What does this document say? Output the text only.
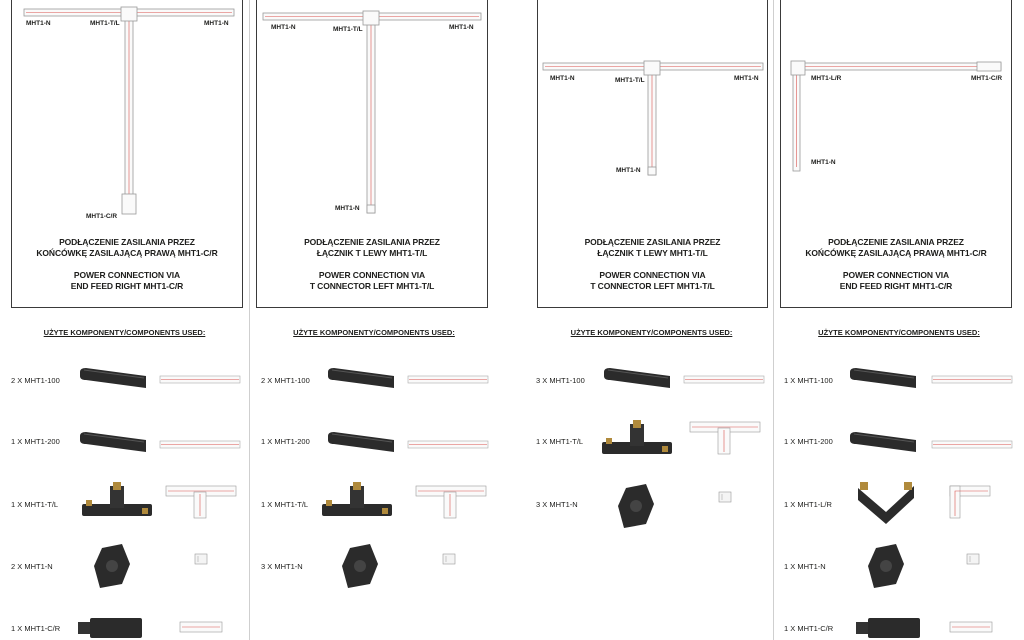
MHT1-N	MHT1-T/L	MHT1-N
MHT1-C/R
PODŁĄCZENIE ZASILANIA PRZEZ
KOŃCÓWKĘ ZASILAJĄCĄ PRAWĄ MHT1-C/R
POWER CONNECTION VIA
END FEED RIGHT MHT1-C/R
UŻYTE KOMPONENTY/COMPONENTS USED:
2 X MHT1-100
1 X MHT1-200
1 X MHT1-T/L
2 X MHT1-N
1 X MHT1-C/R
MHT1-N	MHT1-T/L	MHT1-N
MHT1-N
PODŁĄCZENIE ZASILANIA PRZEZ
ŁĄCZNIK T LEWY MHT1-T/L
POWER CONNECTION VIA
T CONNECTOR LEFT MHT1-T/L
UŻYTE KOMPONENTY/COMPONENTS USED:
2 X MHT1-100
1 X MHT1-200
1 X MHT1-T/L
3 X MHT1-N
MHT1-N	MHT1-T/L	MHT1-N
MHT1-N
PODŁĄCZENIE ZASILANIA PRZEZ
ŁĄCZNIK T LEWY MHT1-T/L
POWER CONNECTION VIA
T CONNECTOR LEFT MHT1-T/L
UŻYTE KOMPONENTY/COMPONENTS USED:
3 X MHT1-100
1 X MHT1-T/L
3 X MHT1-N
MHT1-L/R	MHT1-C/R
MHT1-N
PODŁĄCZENIE ZASILANIA PRZEZ
KOŃCÓWKĘ ZASILAJĄCĄ PRAWĄ MHT1-C/R
POWER CONNECTION VIA
END FEED RIGHT MHT1-C/R
UŻYTE KOMPONENTY/COMPONENTS USED:
1 X MHT1-100
1 X MHT1-200
1 X MHT1-L/R
1 X MHT1-N
1 X MHT1-C/R
